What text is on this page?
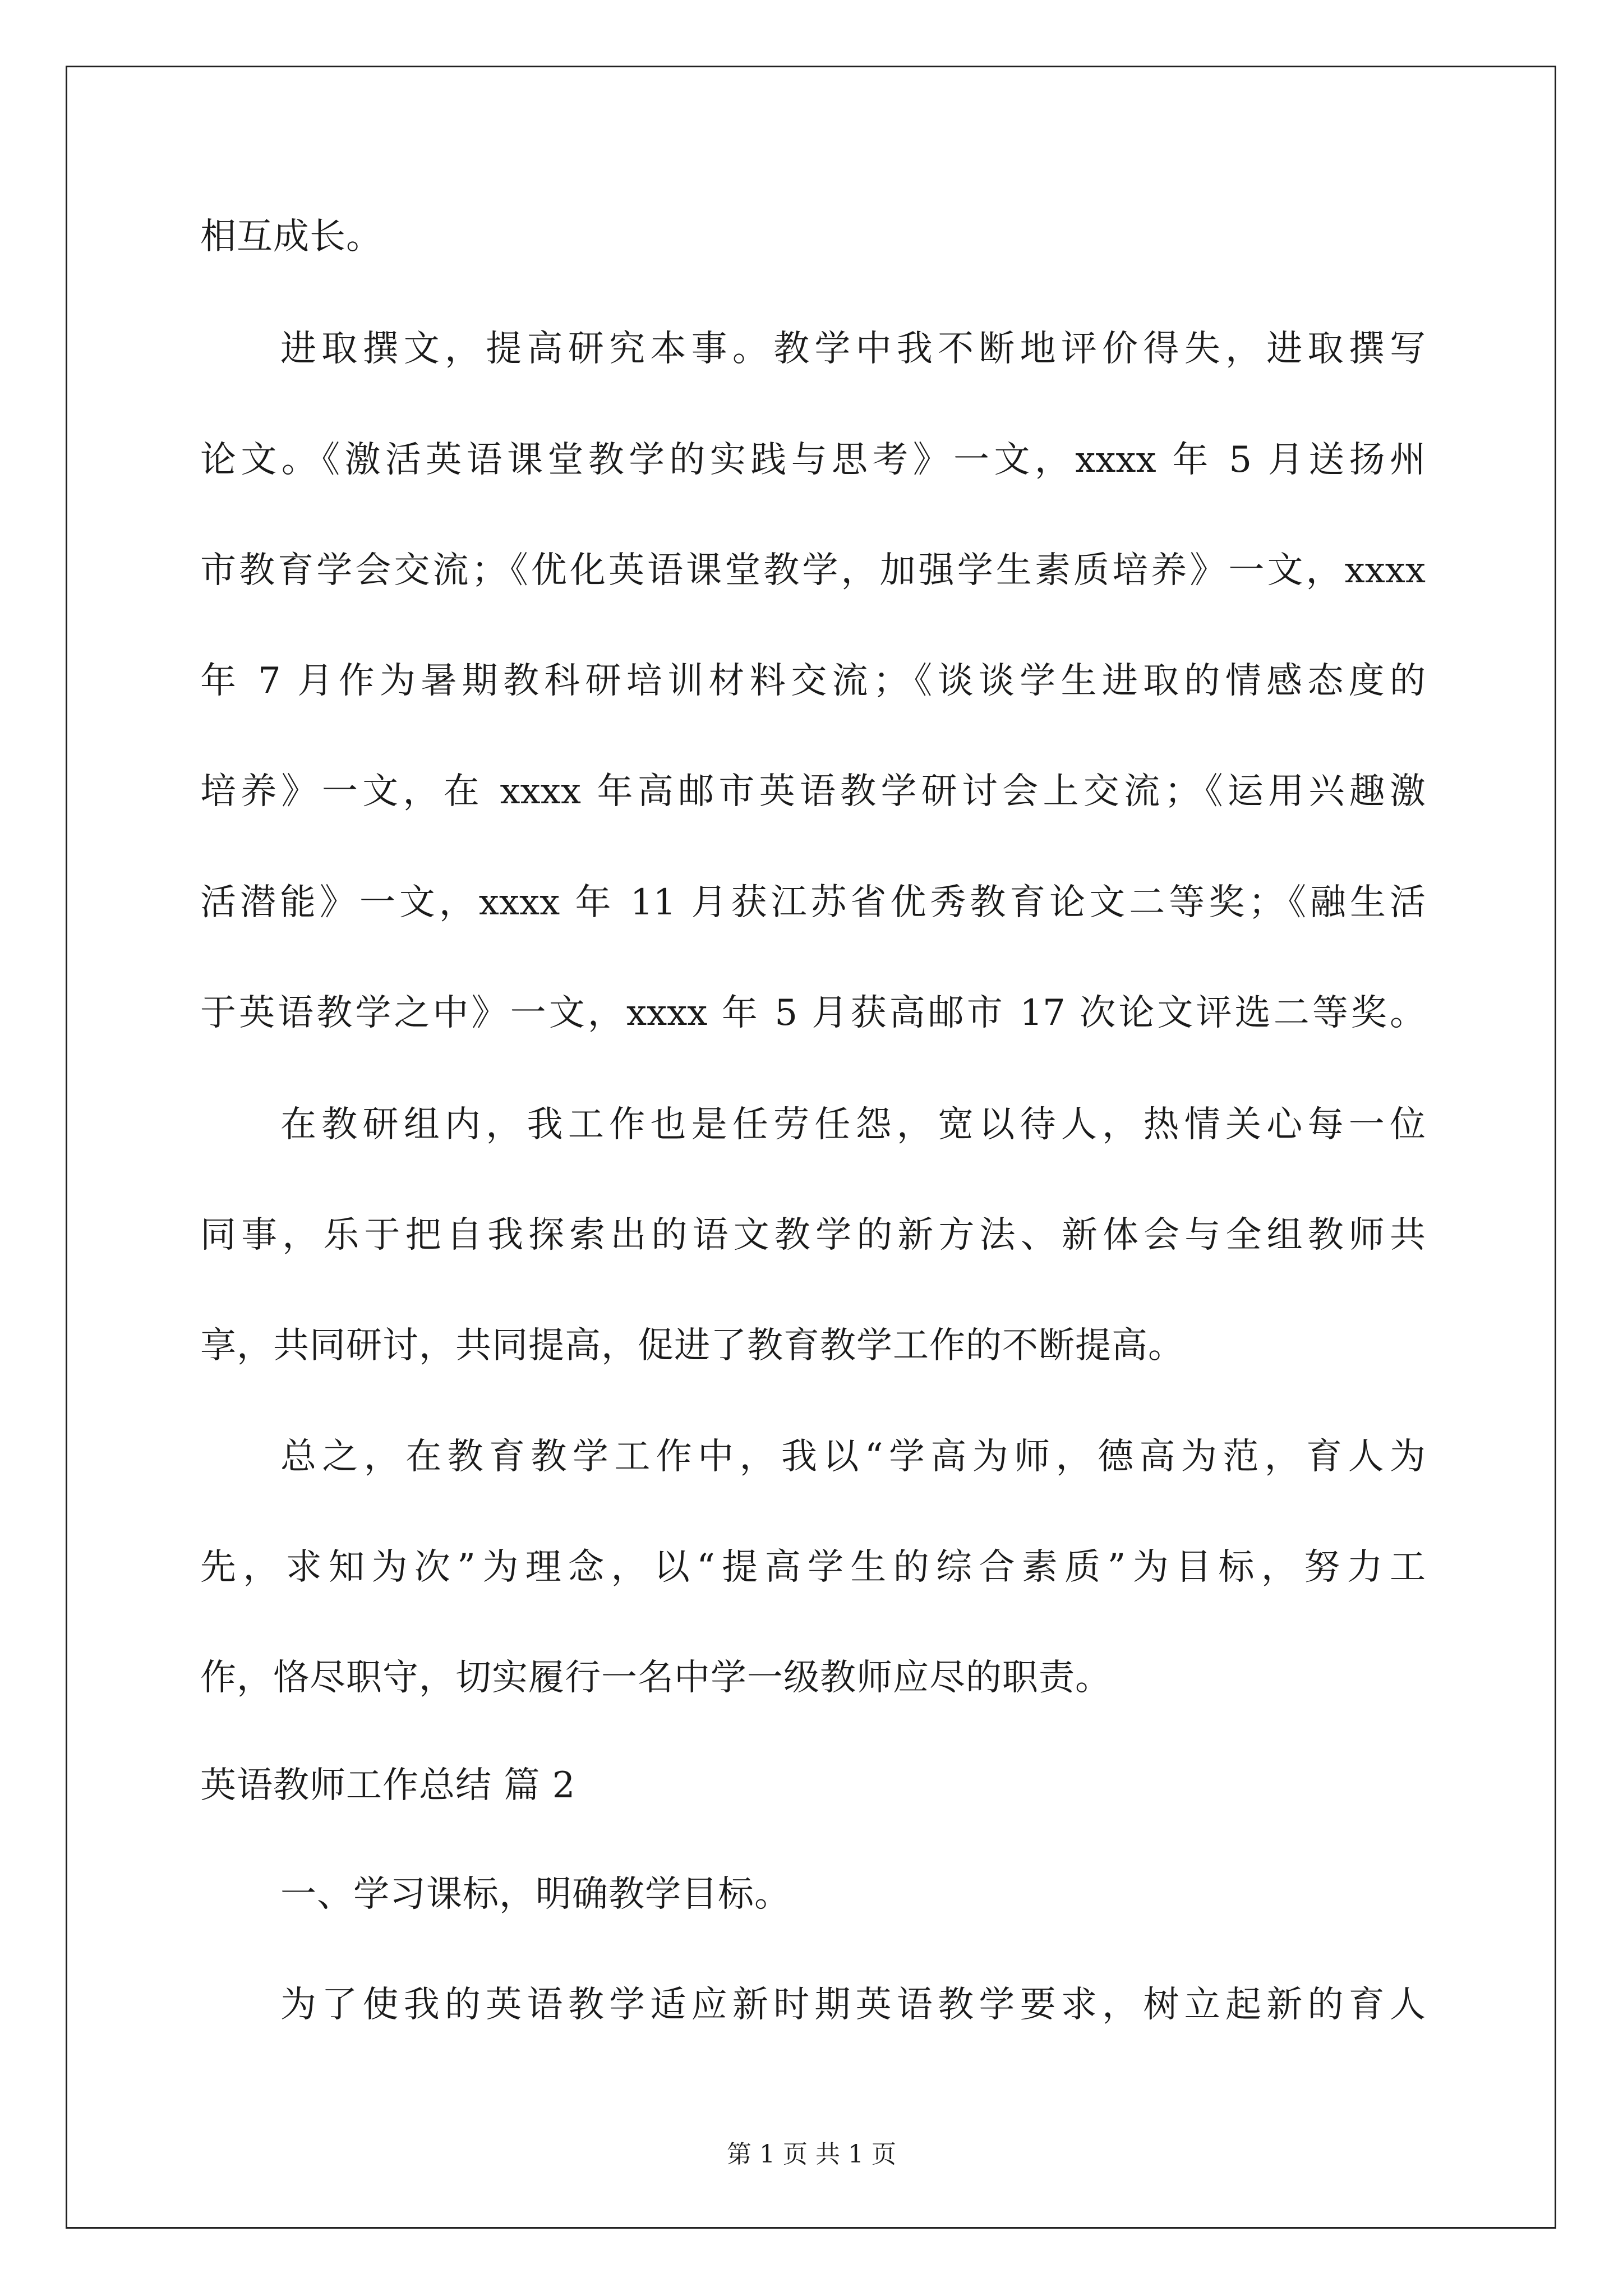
相互成长。
进取撰文，提高研究本事。教学中我不断地评价得失，进取撰写
论文。《激活英语课堂教学的实践与思考》一文，xxxx 年 5 月送扬州
市教育学会交流；《优化英语课堂教学，加强学生素质培养》一文，xxxx
年 7 月作为暑期教科研培训材料交流；《谈谈学生进取的情感态度的
培养》一文，在 xxxx 年高邮市英语教学研讨会上交流；《运用兴趣激
活潜能》一文，xxxx 年 11 月获江苏省优秀教育论文二等奖；《融生活
于英语教学之中》一文，xxxx 年 5 月获高邮市 17 次论文评选二等奖。
在教研组内，我工作也是任劳任怨，宽以待人，热情关心每一位
同事，乐于把自我探索出的语文教学的新方法、新体会与全组教师共
享，共同研讨，共同提高，促进了教育教学工作的不断提高。
总之，在教育教学工作中，我以“学高为师，德高为范，育人为
先，求知为次”为理念，以“提高学生的综合素质”为目标，努力工
作，恪尽职守，切实履行一名中学一级教师应尽的职责。
英语教师工作总结 篇 2
一、学习课标，明确教学目标。
为了使我的英语教学适应新时期英语教学要求，树立起新的育人
第 1 页 共 1 页
